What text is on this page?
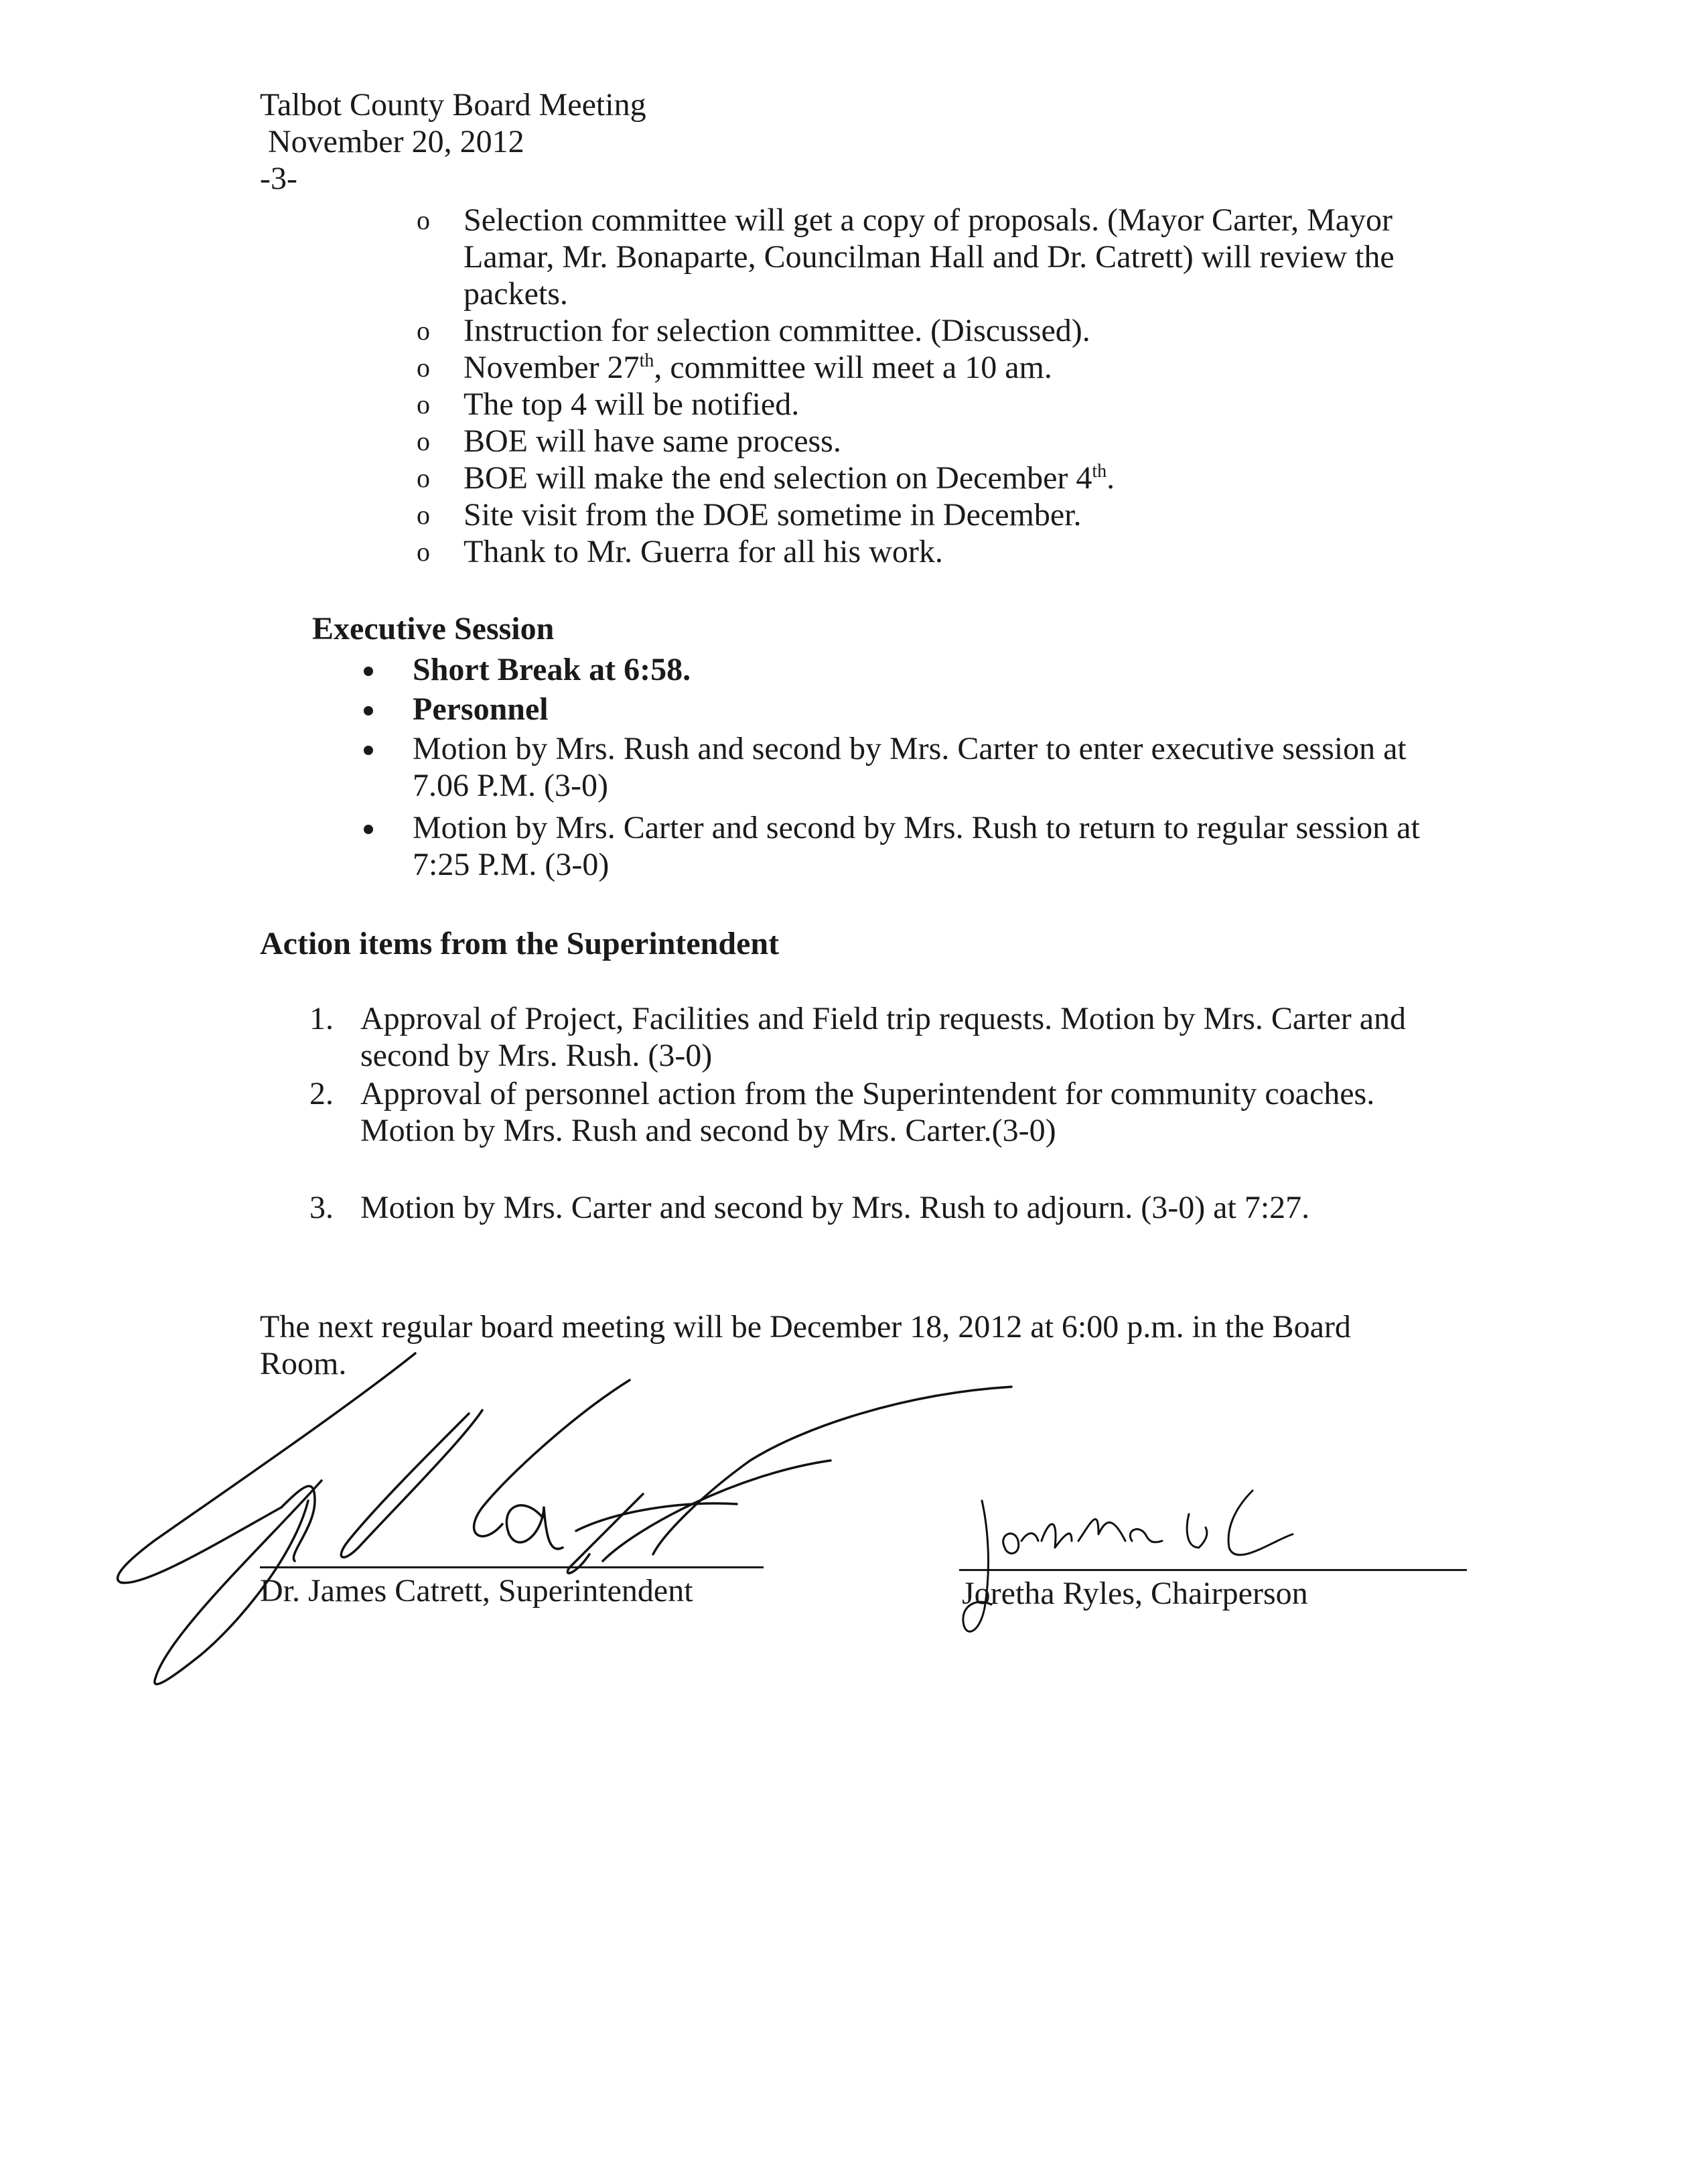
Talbot County Board Meeting
November 20, 2012
-3-
o Selection committee will get a copy of proposals. (Mayor Carter, Mayor
Lamar, Mr. Bonaparte, Councilman Hall and Dr. Catrett) will review the
packets.
o Instruction for selection committee. (Discussed).
o November 27th, committee will meet a 10 am.
o The top 4 will be notified.
o BOE will have same process.
o BOE will make the end selection on December 4th.
o Site visit from the DOE sometime in December.
o Thank to Mr. Guerra for all his work.
Executive Session
Short Break at 6:58.
Personnel
Motion by Mrs. Rush and second by Mrs. Carter to enter executive session at
7.06 P.M. (3-0)
Motion by Mrs. Carter and second by Mrs. Rush to return to regular session at
7:25 P.M. (3-0)
Action items from the Superintendent
1. Approval of Project, Facilities and Field trip requests. Motion by Mrs. Carter and
second by Mrs. Rush. (3-0)
2. Approval of personnel action from the Superintendent for community coaches.
Motion by Mrs. Rush and second by Mrs. Carter.(3-0)
3. Motion by Mrs. Carter and second by Mrs. Rush to adjourn. (3-0) at 7:27.
The next regular board meeting will be December 18, 2012 at 6:00 p.m. in the Board
Room.
Dr. James Catrett, Superintendent	Joretha Ryles, Chairperson
